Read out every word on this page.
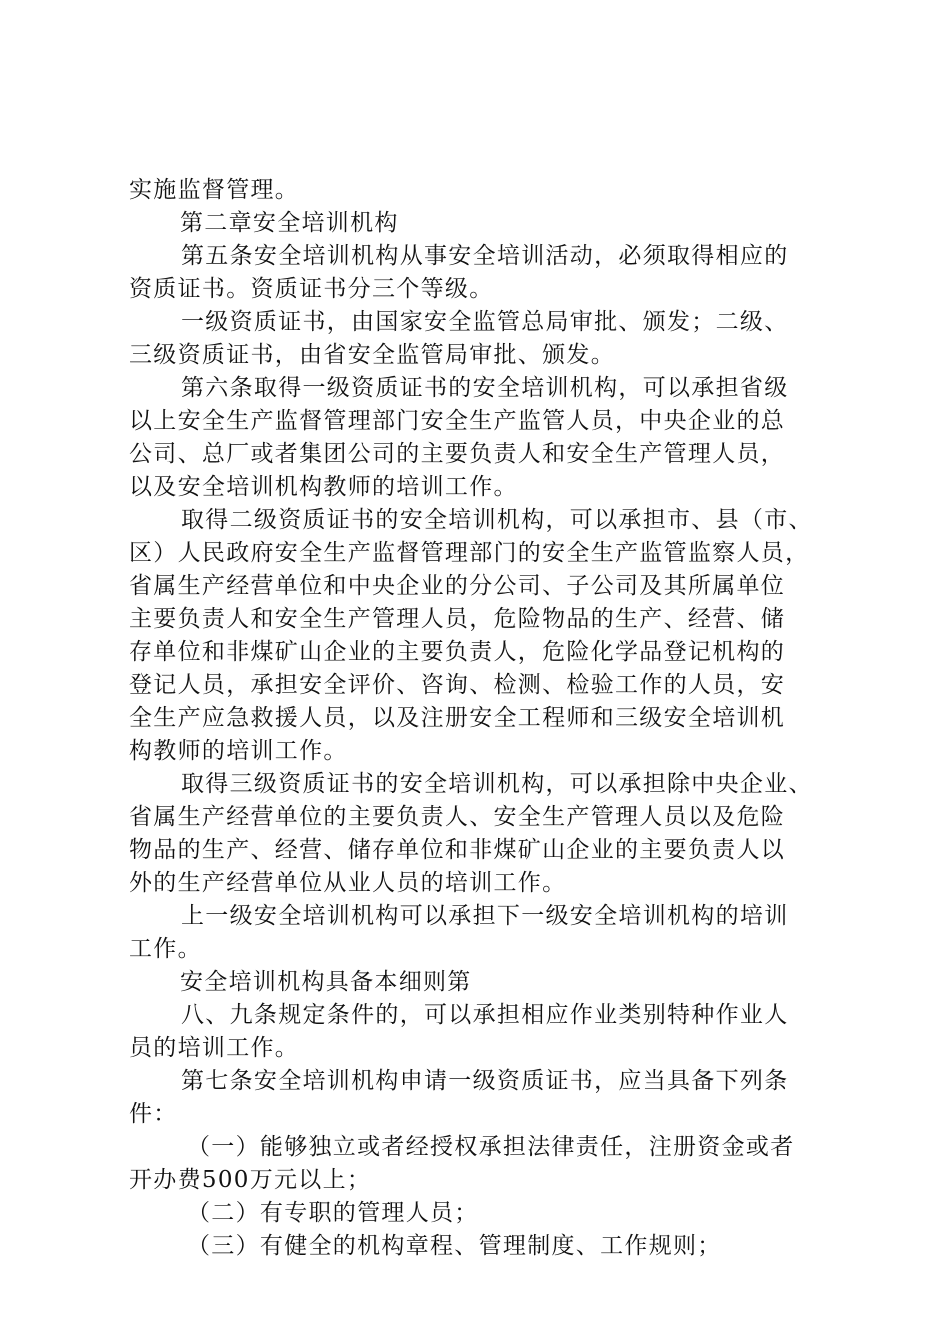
实施监督管理。
第二章安全培训机构
第五条安全培训机构从事安全培训活动，必须取得相应的
资质证书。资质证书分三个等级。
一级资质证书，由国家安全监管总局审批、颁发；二级、
三级资质证书，由省安全监管局审批、颁发。
第六条取得一级资质证书的安全培训机构，可以承担省级
以上安全生产监督管理部门安全生产监管人员，中央企业的总
公司、总厂或者集团公司的主要负责人和安全生产管理人员，
以及安全培训机构教师的培训工作。
取得二级资质证书的安全培训机构，可以承担市、县（市、
区）人民政府安全生产监督管理部门的安全生产监管监察人员，
省属生产经营单位和中央企业的分公司、子公司及其所属单位
主要负责人和安全生产管理人员，危险物品的生产、经营、储
存单位和非煤矿山企业的主要负责人，危险化学品登记机构的
登记人员，承担安全评价、咨询、检测、检验工作的人员，安
全生产应急救援人员，以及注册安全工程师和三级安全培训机
构教师的培训工作。
取得三级资质证书的安全培训机构，可以承担除中央企业、
省属生产经营单位的主要负责人、安全生产管理人员以及危险
物品的生产、经营、储存单位和非煤矿山企业的主要负责人以
外的生产经营单位从业人员的培训工作。
上一级安全培训机构可以承担下一级安全培训机构的培训
工作。
安全培训机构具备本细则第
八、九条规定条件的，可以承担相应作业类别特种作业人
员的培训工作。
第七条安全培训机构申请一级资质证书，应当具备下列条
件：
（一）能够独立或者经授权承担法律责任，注册资金或者
开办费500万元以上；
（二）有专职的管理人员；
（三）有健全的机构章程、管理制度、工作规则；
